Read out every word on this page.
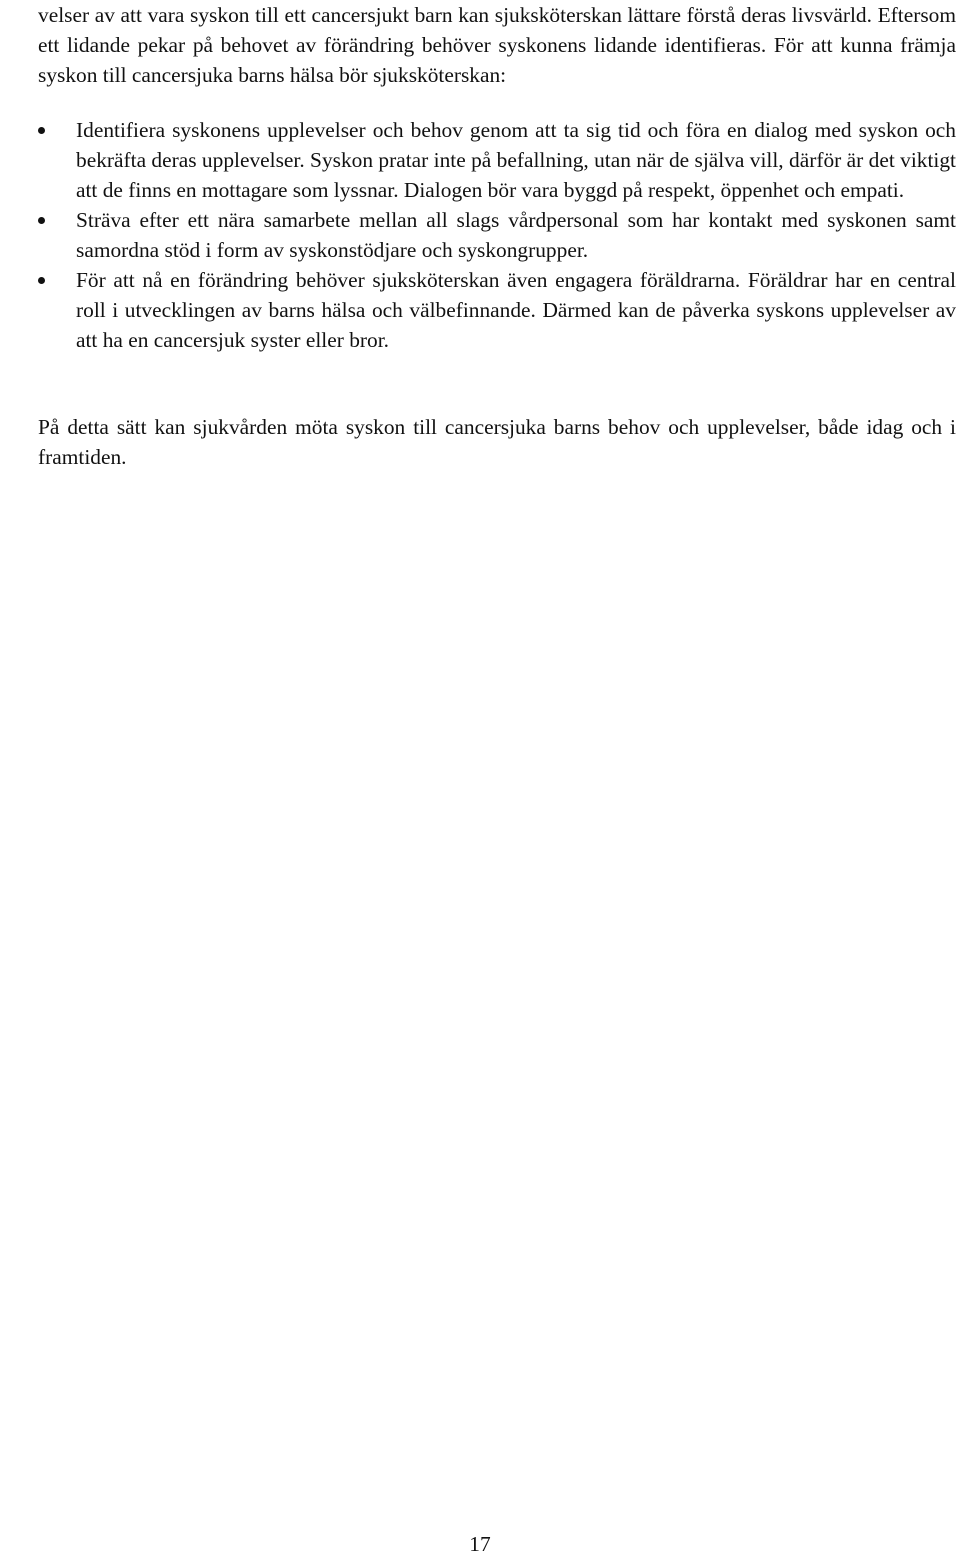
velser av att vara syskon till ett cancersjukt barn kan sjuksköterskan lättare förstå deras livsvärld. Eftersom ett lidande pekar på behovet av förändring behöver syskonens lidande identifieras. För att kunna främja syskon till cancersjuka barns hälsa bör sjuksköterskan:

Identifiera syskonens upplevelser och behov genom att ta sig tid och föra en dialog med syskon och bekräfta deras upplevelser. Syskon pratar inte på befallning, utan när de själva vill, därför är det viktigt att de finns en mottagare som lyssnar. Dialogen bör vara byggd på respekt, öppenhet och empati.
Sträva efter ett nära samarbete mellan all slags vårdpersonal som har kontakt med syskonen samt samordna stöd i form av syskonstödjare och syskongrupper.
För att nå en förändring behöver sjuksköterskan även engagera föräldrarna. Föräldrar har en central roll i utvecklingen av barns hälsa och välbefinnande. Därmed kan de påverka syskons upplevelser av att ha en cancersjuk syster eller bror.

På detta sätt kan sjukvården möta syskon till cancersjuka barns behov och upplevelser, både idag och i framtiden.

17
